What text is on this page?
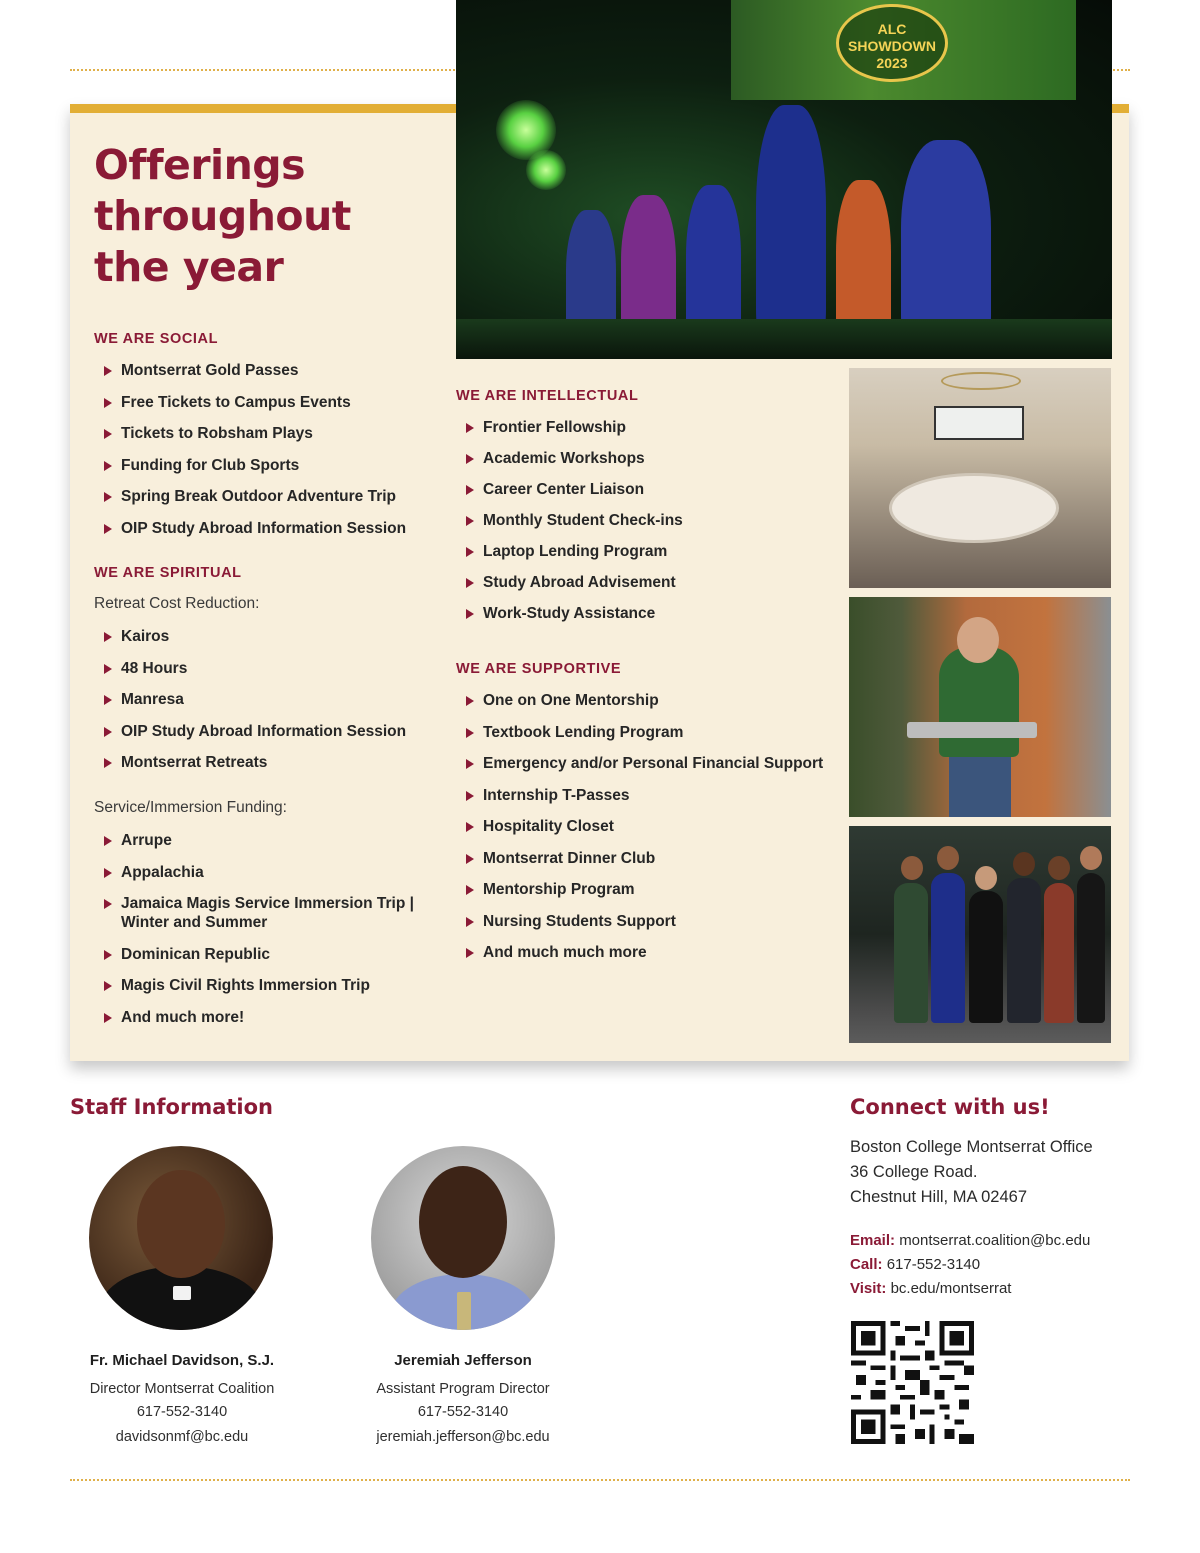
ALC
SHOWDOWN
2023
Offerings throughout the year
WE ARE SOCIAL
Montserrat Gold Passes
Free Tickets to Campus Events
Tickets to Robsham Plays
Funding for Club Sports
Spring Break Outdoor Adventure Trip
OIP Study Abroad Information Session
WE ARE SPIRITUAL
Retreat Cost Reduction:
Kairos
48 Hours
Manresa
OIP Study Abroad Information Session
Montserrat Retreats
Service/Immersion Funding:
Arrupe
Appalachia
Jamaica Magis Service Immersion Trip | Winter and Summer
Dominican Republic
Magis Civil Rights Immersion Trip
And much more!
WE ARE INTELLECTUAL
Frontier Fellowship
Academic Workshops
Career Center Liaison
Monthly Student Check-ins
Laptop Lending Program
Study Abroad Advisement
Work-Study Assistance
WE ARE SUPPORTIVE
One on One Mentorship
Textbook Lending Program
Emergency and/or Personal Financial Support
Internship T-Passes
Hospitality Closet
Montserrat Dinner Club
Mentorship Program
Nursing Students Support
And much much more
Staff Information
Fr. Michael Davidson, S.J.
Director Montserrat Coalition
617-552-3140
davidsonmf@bc.edu
Jeremiah Jefferson
Assistant Program Director
617-552-3140
jeremiah.jefferson@bc.edu
Connect with us!
Boston College Montserrat Office
36 College Road.
Chestnut Hill, MA 02467
Email: montserrat.coalition@bc.edu
Call: 617-552-3140
Visit: bc.edu/montserrat
